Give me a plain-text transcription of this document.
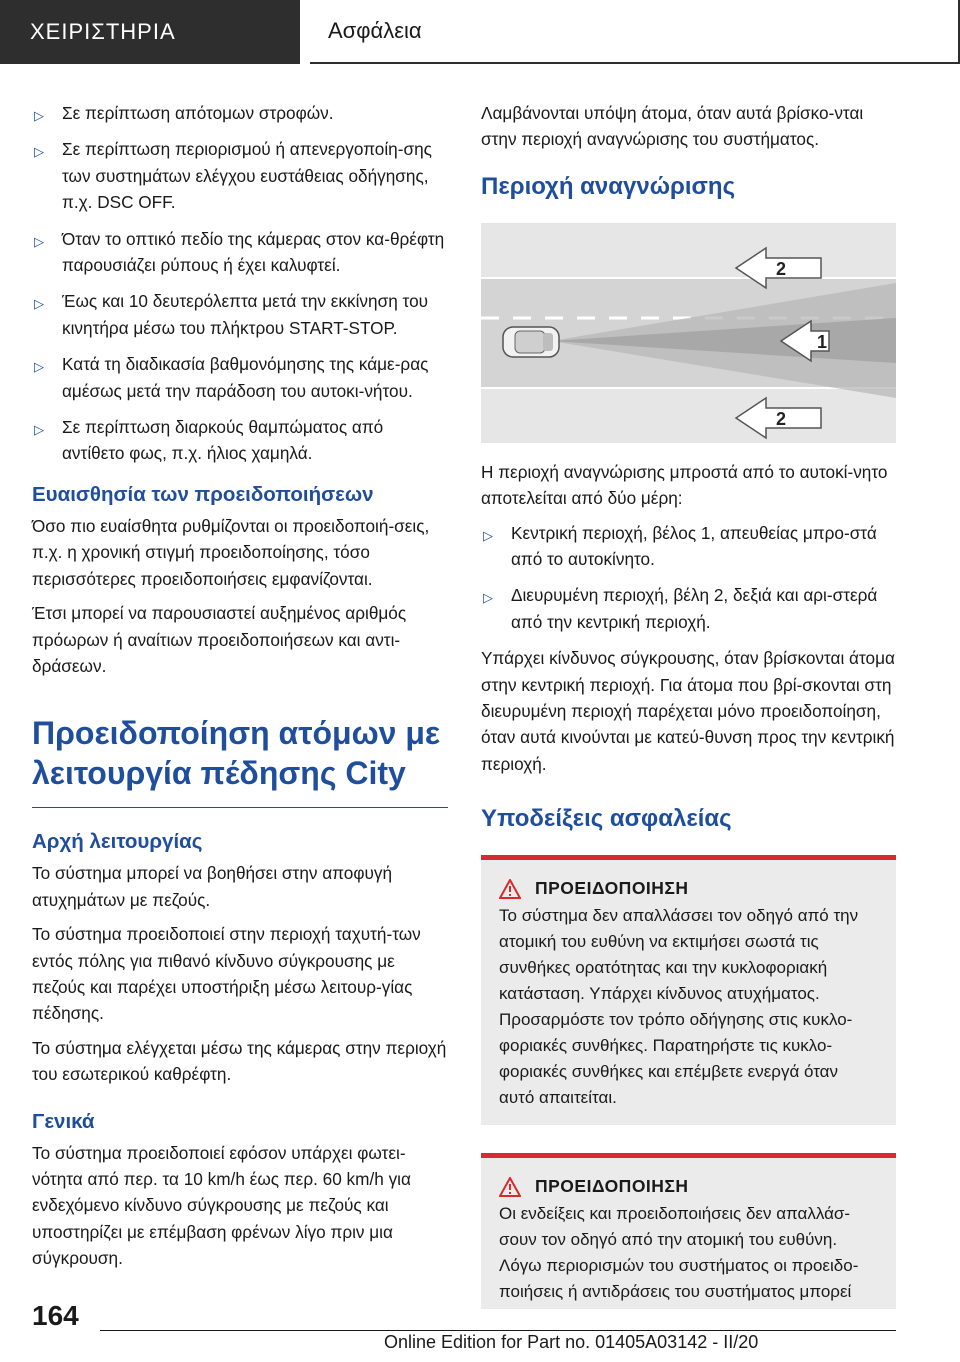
ΧΕΙΡΙΣΤΗΡΙΑ	Ασφάλεια
▷ Σε περίπτωση απότομων στροφών.
▷ Σε περίπτωση περιορισμού ή απενεργοποίη-σης των συστημάτων ελέγχου ευστάθειας οδήγησης, π.χ. DSC OFF.
▷ Όταν το οπτικό πεδίο της κάμερας στον κα-θρέφτη παρουσιάζει ρύπους ή έχει καλυφτεί.
▷ Έως και 10 δευτερόλεπτα μετά την εκκίνηση του κινητήρα μέσω του πλήκτρου START-STOP.
▷ Κατά τη διαδικασία βαθμονόμησης της κάμε-ρας αμέσως μετά την παράδοση του αυτοκι-νήτου.
▷ Σε περίπτωση διαρκούς θαμπώματος από αντίθετο φως, π.χ. ήλιος χαμηλά.
Ευαισθησία των προειδοποιήσεων

Όσο πιο ευαίσθητα ρυθμίζονται οι προειδοποιή-σεις, π.χ. η χρονική στιγμή προειδοποίησης, τόσο περισσότερες προειδοποιήσεις εμφανίζονται.

Έτσι μπορεί να παρουσιαστεί αυξημένος αριθμός πρόωρων ή αναίτιων προειδοποιήσεων και αντι-δράσεων.

Προειδοποίηση ατόμων με λειτουργία πέδησης City
Αρχή λειτουργίας

Το σύστημα μπορεί να βοηθήσει στην αποφυγή ατυχημάτων με πεζούς.

Το σύστημα προειδοποιεί στην περιοχή ταχυτή-των εντός πόλης για πιθανό κίνδυνο σύγκρουσης με πεζούς και παρέχει υποστήριξη μέσω λειτουρ-γίας πέδησης.

Το σύστημα ελέγχεται μέσω της κάμερας στην περιοχή του εσωτερικού καθρέφτη.

Γενικά

Το σύστημα προειδοποιεί εφόσον υπάρχει φωτει-νότητα από περ. τα 10 km/h έως περ. 60 km/h για ενδεχόμενο κίνδυνο σύγκρουσης με πεζούς και υποστηρίζει με επέμβαση φρένων λίγο πριν μια σύγκρουση.

Λαμβάνονται υπόψη άτομα, όταν αυτά βρίσκο-νται στην περιοχή αναγνώρισης του συστήματος.

Περιοχή αναγνώρισης
2
1
2

Η περιοχή αναγνώρισης μπροστά από το αυτοκί-νητο αποτελείται από δύο μέρη:

▷ Κεντρική περιοχή, βέλος 1, απευθείας μπρο-στά από το αυτοκίνητο.
▷ Διευρυμένη περιοχή, βέλη 2, δεξιά και αρι-στερά από την κεντρική περιοχή.

Υπάρχει κίνδυνος σύγκρουσης, όταν βρίσκονται άτομα στην κεντρική περιοχή. Για άτομα που βρί-σκονται στη διευρυμένη περιοχή παρέχεται μόνο προειδοποίηση, όταν αυτά κινούνται με κατεύ-θυνση προς την κεντρική περιοχή.

Υποδείξεις ασφαλείας
ΠΡΟΕΙΔΟΠΟΙΗΣΗ

Το σύστημα δεν απαλλάσσει τον οδηγό από την ατομική του ευθύνη να εκτιμήσει σωστά τις συνθήκες ορατότητας και την κυκλοφοριακή κατάσταση. Υπάρχει κίνδυνος ατυχήματος. Προσαρμόστε τον τρόπο οδήγησης στις κυκλο-φοριακές συνθήκες. Παρατηρήστε τις κυκλο-φοριακές συνθήκες και επέμβετε ενεργά όταν αυτό απαιτείται.

ΠΡΟΕΙΔΟΠΟΙΗΣΗ

Οι ενδείξεις και προειδοποιήσεις δεν απαλλάσ-σουν τον οδηγό από την ατομική του ευθύνη. Λόγω περιορισμών του συστήματος οι προειδο-ποιήσεις ή αντιδράσεις του συστήματος μπορεί

164
Online Edition for Part no. 01405A03142 - II/20
